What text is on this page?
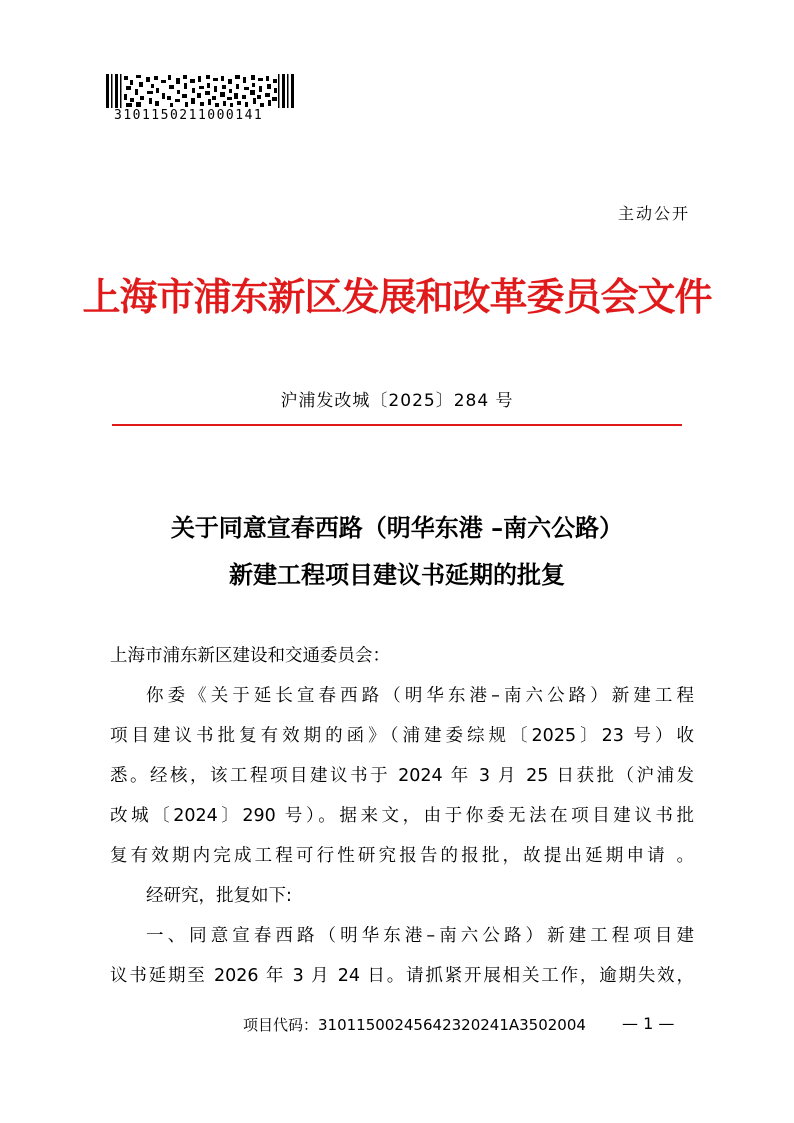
3101150211000141
主动公开
上海市浦东新区发展和改革委员会文件
沪浦发改城〔2025〕284 号
关于同意宣春西路（明华东港 –南六公路）
新建工程项目建议书延期的批复
上海市浦东新区建设和交通委员会：
你委《关于延长宣春西路（明华东港–南六公路）新建工程
项目建议书批复有效期的函》（浦建委综规〔2025〕23 号）收
悉。经核，该工程项目建议书于 2024 年 3 月 25 日获批（沪浦发
改城〔2024〕290 号）。据来文，由于你委无法在项目建议书批
复有效期内完成工程可行性研究报告的报批，故提出延期申请 。
经研究，批复如下:
一、同意宣春西路（明华东港–南六公路）新建工程项目建
议书延期至 2026 年 3 月 24 日。请抓紧开展相关工作，逾期失效，
项目代码：31011500245642320241A3502004 — 1 —
